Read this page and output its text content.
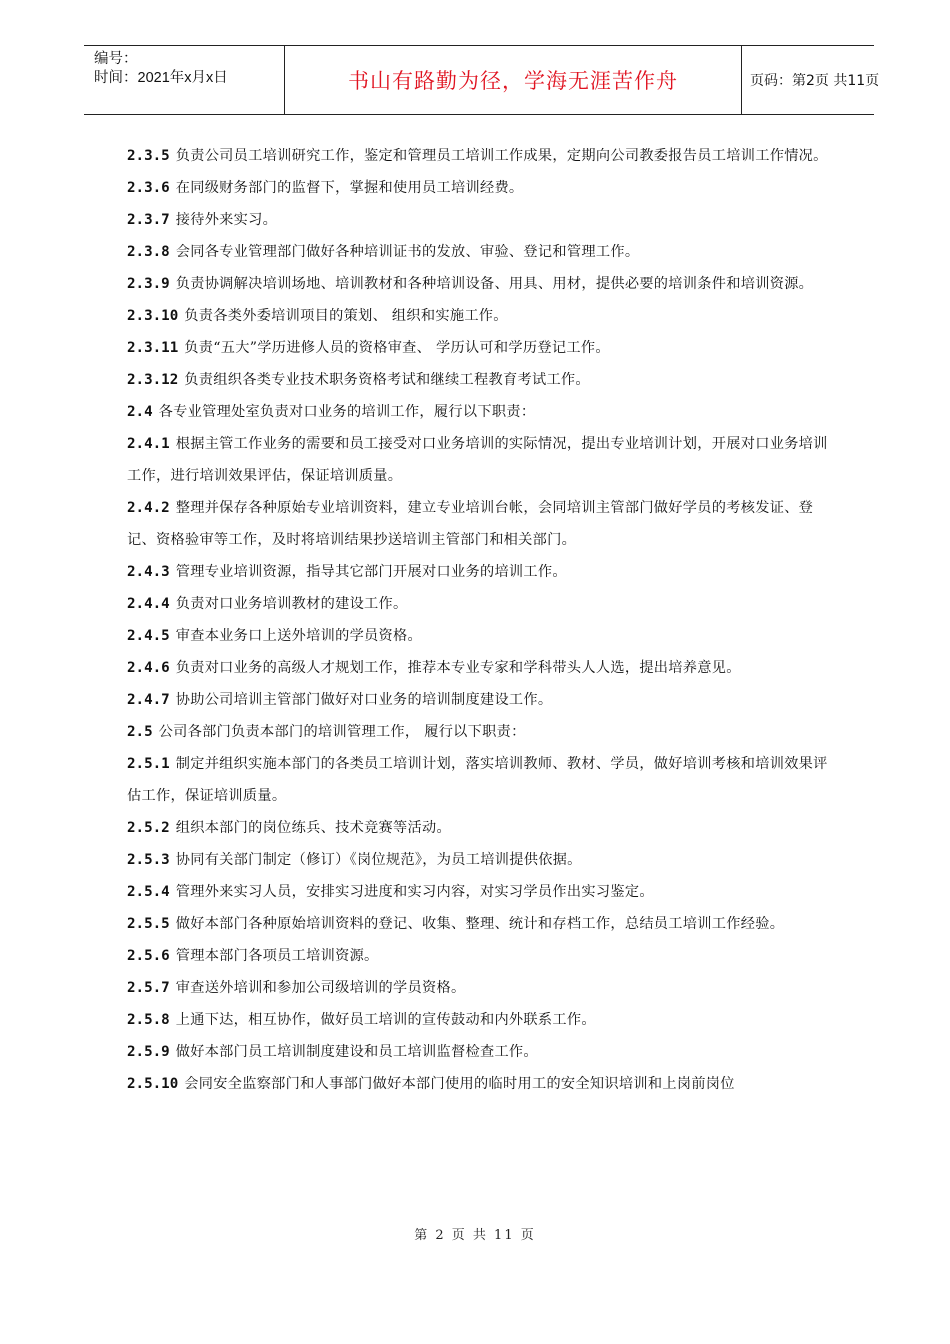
编号：
时间：2021年x月x日	书山有路勤为径，学海无涯苦作舟	页码：第2页 共11页

2.3.5 负责公司员工培训研究工作，鉴定和管理员工培训工作成果，定期向公司教委报告员工培训工作情况。

2.3.6 在同级财务部门的监督下，掌握和使用员工培训经费。

2.3.7 接待外来实习。

2.3.8 会同各专业管理部门做好各种培训证书的发放、审验、登记和管理工作。

2.3.9 负责协调解决培训场地、培训教材和各种培训设备、用具、用材，提供必要的培训条件和培训资源。

2.3.10 负责各类外委培训项目的策划、 组织和实施工作。

2.3.11 负责“五大”学历进修人员的资格审查、 学历认可和学历登记工作。

2.3.12 负责组织各类专业技术职务资格考试和继续工程教育考试工作。

2.4 各专业管理处室负责对口业务的培训工作，履行以下职责：

2.4.1 根据主管工作业务的需要和员工接受对口业务培训的实际情况，提出专业培训计划，开展对口业务培训工作，进行培训效果评估，保证培训质量。

2.4.2 整理并保存各种原始专业培训资料，建立专业培训台帐，会同培训主管部门做好学员的考核发证、登记、资格验审等工作，及时将培训结果抄送培训主管部门和相关部门。

2.4.3 管理专业培训资源，指导其它部门开展对口业务的培训工作。

2.4.4 负责对口业务培训教材的建设工作。

2.4.5 审查本业务口上送外培训的学员资格。

2.4.6 负责对口业务的高级人才规划工作，推荐本专业专家和学科带头人人选，提出培养意见。

2.4.7 协助公司培训主管部门做好对口业务的培训制度建设工作。

2.5 公司各部门负责本部门的培训管理工作， 履行以下职责：

2.5.1 制定并组织实施本部门的各类员工培训计划，落实培训教师、教材、学员，做好培训考核和培训效果评估工作，保证培训质量。

2.5.2 组织本部门的岗位练兵、技术竞赛等活动。

2.5.3 协同有关部门制定（修订）《岗位规范》，为员工培训提供依据。

2.5.4 管理外来实习人员，安排实习进度和实习内容，对实习学员作出实习鉴定。

2.5.5 做好本部门各种原始培训资料的登记、收集、整理、统计和存档工作，总结员工培训工作经验。

2.5.6 管理本部门各项员工培训资源。

2.5.7 审查送外培训和参加公司级培训的学员资格。

2.5.8 上通下达，相互协作，做好员工培训的宣传鼓动和内外联系工作。

2.5.9 做好本部门员工培训制度建设和员工培训监督检查工作。

2.5.10 会同安全监察部门和人事部门做好本部门使用的临时用工的安全知识培训和上岗前岗位

第 2 页 共 11 页
